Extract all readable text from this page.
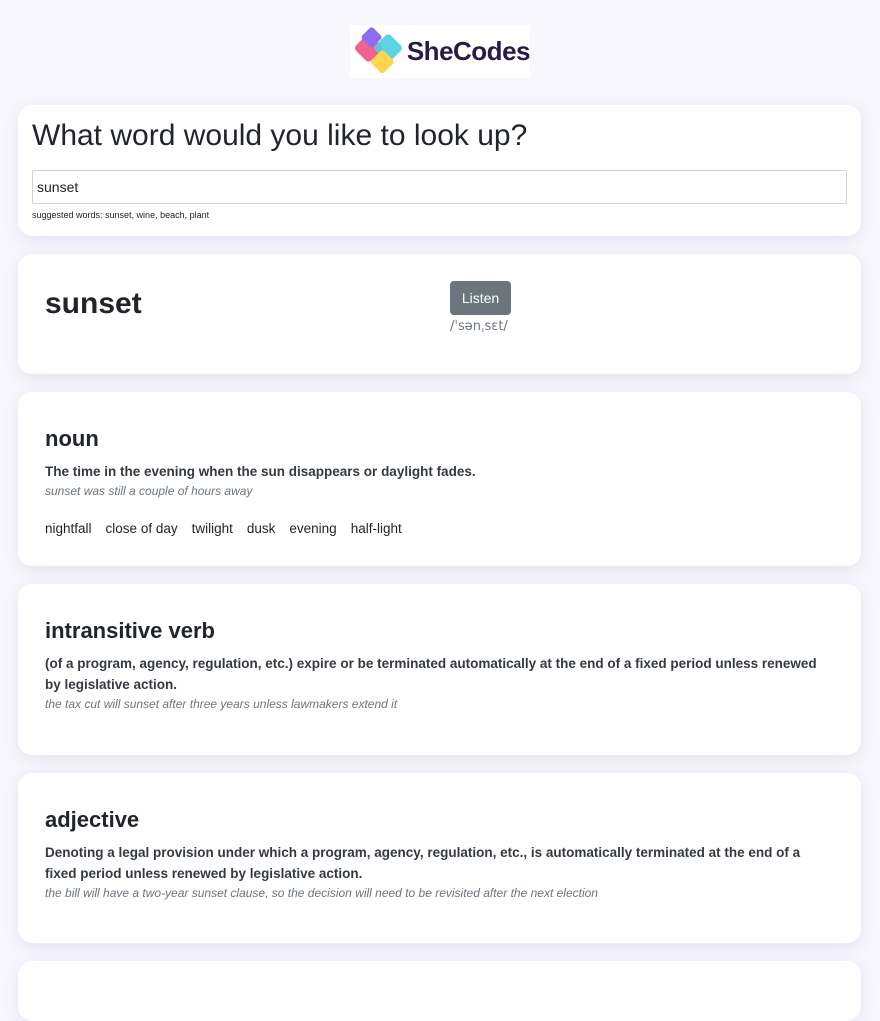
SheCodes
What word would you like to look up?
sunset
suggested words: sunset, wine, beach, plant
sunset	Listen
/ˈsənˌsɛt/
noun
The time in the evening when the sun disappears or daylight fades.
sunset was still a couple of hours away
nightfall close of day twilight dusk evening half-light
intransitive verb
(of a program, agency, regulation, etc.) expire or be terminated automatically at the end of a fixed period unless renewed by legislative action.
the tax cut will sunset after three years unless lawmakers extend it
adjective
Denoting a legal provision under which a program, agency, regulation, etc., is automatically terminated at the end of a fixed period unless renewed by legislative action.
the bill will have a two-year sunset clause, so the decision will need to be revisited after the next election
